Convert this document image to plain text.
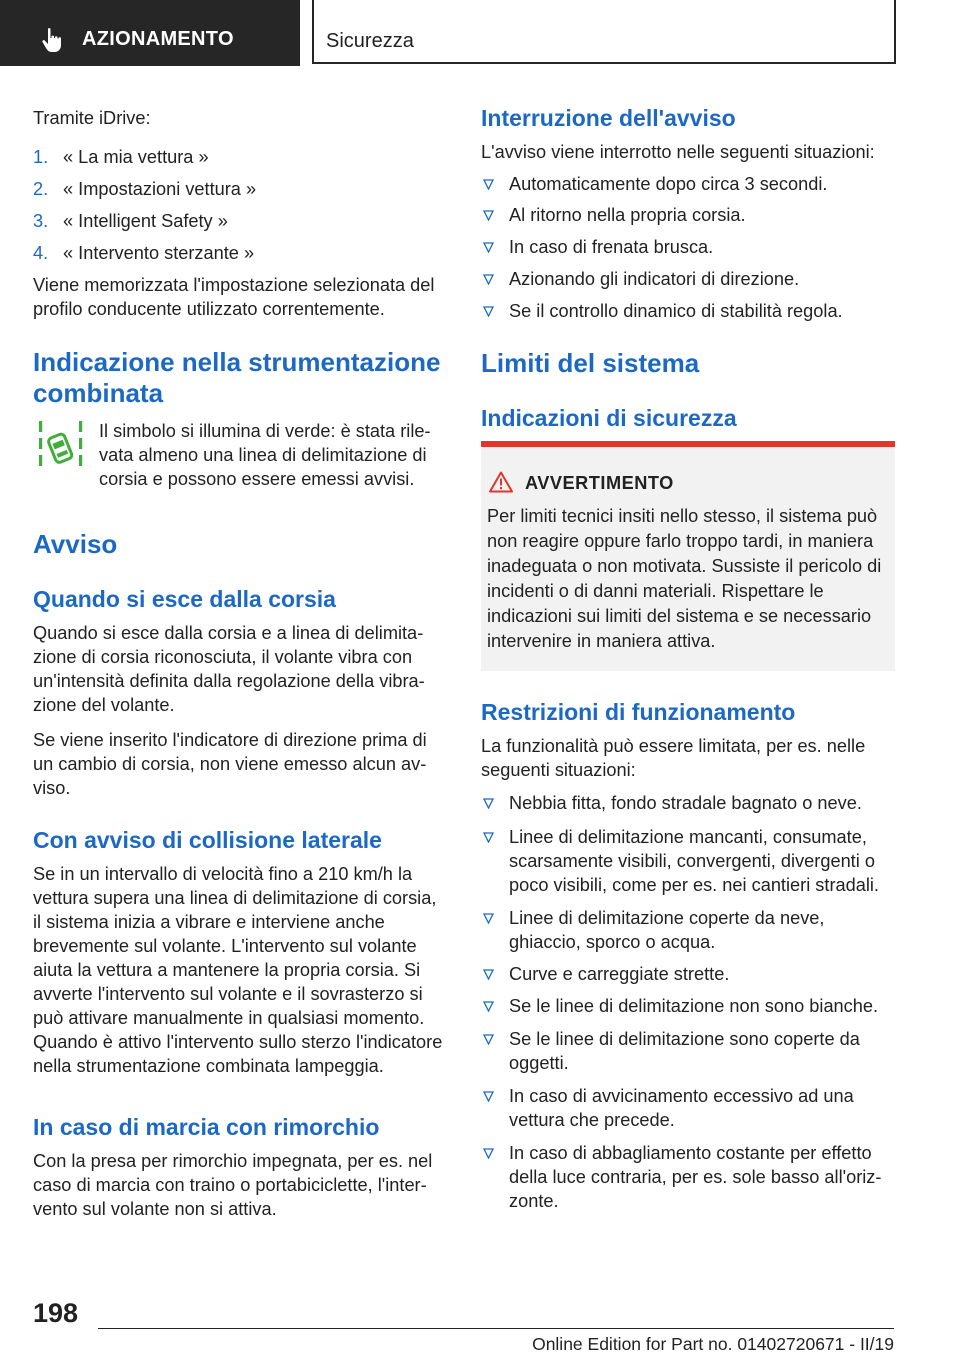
AZIONAMENTO	Sicurezza
Tramite iDrive:
1. « La mia vettura »
2. « Impostazioni vettura »
3. « Intelligent Safety »
4. « Intervento sterzante »
Viene memorizzata l'impostazione selezionata del profilo conducente utilizzato correntemente.
Indicazione nella strumentazione combinata
Il simbolo si illumina di verde: è stata rilevata almeno una linea di delimitazione di corsia e possono essere emessi avvisi.
Avviso
Quando si esce dalla corsia
Quando si esce dalla corsia e a linea di delimitazione di corsia riconosciuta, il volante vibra con un'intensità definita dalla regolazione della vibrazione del volante.
Se viene inserito l'indicatore di direzione prima di un cambio di corsia, non viene emesso alcun avviso.
Con avviso di collisione laterale
Se in un intervallo di velocità fino a 210 km/h la vettura supera una linea di delimitazione di corsia, il sistema inizia a vibrare e interviene anche brevemente sul volante. L'intervento sul volante aiuta la vettura a mantenere la propria corsia. Si avverte l'intervento sul volante e il sovrasterzo si può attivare manualmente in qualsiasi momento. Quando è attivo l'intervento sullo sterzo l'indicatore nella strumentazione combinata lampeggia.
In caso di marcia con rimorchio
Con la presa per rimorchio impegnata, per es. nel caso di marcia con traino o portabiciclette, l'intervento sul volante non si attiva.
Interruzione dell'avviso
L'avviso viene interrotto nelle seguenti situazioni:
Automaticamente dopo circa 3 secondi.
Al ritorno nella propria corsia.
In caso di frenata brusca.
Azionando gli indicatori di direzione.
Se il controllo dinamico di stabilità regola.
Limiti del sistema
Indicazioni di sicurezza
AVVERTIMENTO
Per limiti tecnici insiti nello stesso, il sistema può non reagire oppure farlo troppo tardi, in maniera inadeguata o non motivata. Sussiste il pericolo di incidenti o di danni materiali. Rispettare le indicazioni sui limiti del sistema e se necessario intervenire in maniera attiva.
Restrizioni di funzionamento
La funzionalità può essere limitata, per es. nelle seguenti situazioni:
Nebbia fitta, fondo stradale bagnato o neve.
Linee di delimitazione mancanti, consumate, scarsamente visibili, convergenti, divergenti o poco visibili, come per es. nei cantieri stradali.
Linee di delimitazione coperte da neve, ghiaccio, sporco o acqua.
Curve e carreggiate strette.
Se le linee di delimitazione non sono bianche.
Se le linee di delimitazione sono coperte da oggetti.
In caso di avvicinamento eccessivo ad una vettura che precede.
In caso di abbagliamento costante per effetto della luce contraria, per es. sole basso all'orizzonte.
198
Online Edition for Part no. 01402720671 - II/19
